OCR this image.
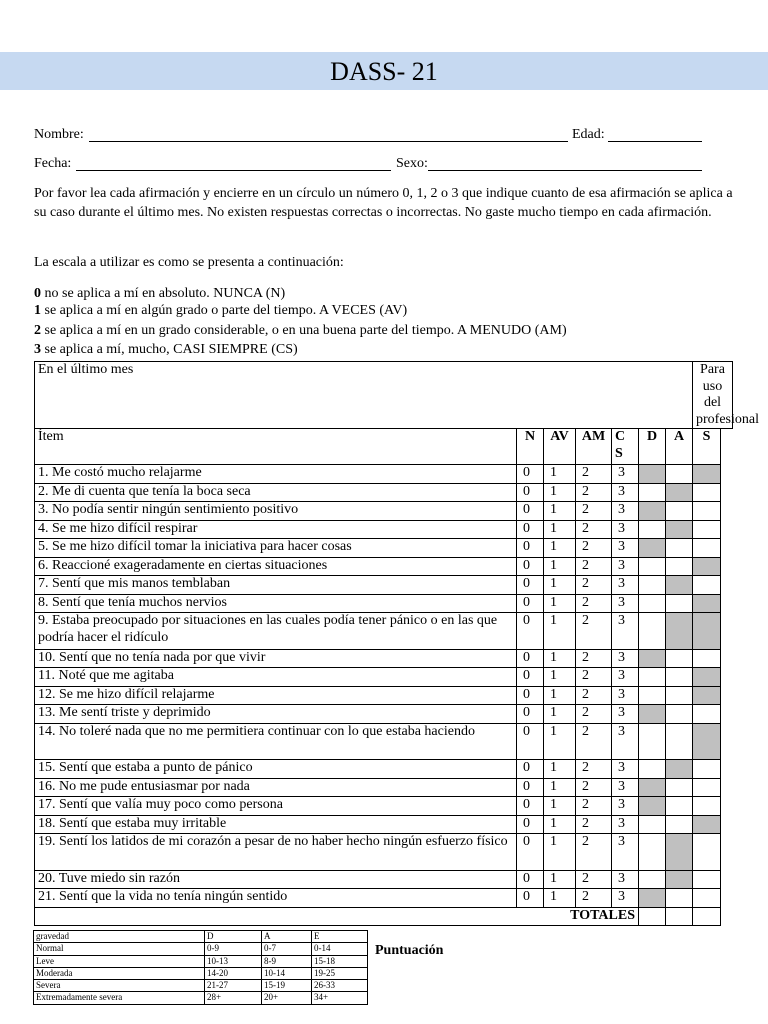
DASS- 21
Nombre:	Edad:
Fecha:	Sexo:
Por favor lea cada afirmación y encierre en un círculo un número 0, 1, 2 o 3 que indique cuanto de esa afirmación se aplica a su caso durante el último mes. No existen respuestas correctas o incorrectas. No gaste mucho tiempo en cada afirmación.
La escala a utilizar es como se presenta a continuación:
0 no se aplica a mí en absoluto. NUNCA (N)
1 se aplica a mí en algún grado o parte del tiempo. A VECES (AV)
2 se aplica a mí en un grado considerable, o en una buena parte del tiempo. A MENUDO (AM)
3 se aplica a mí, mucho, CASI SIEMPRE (CS)
En el último mes							Para uso del profesional
Ítem	N	AV	AM	C S	D	A	S
1. Me costó mucho relajarme	0	1	2	3			
2. Me di cuenta que tenía la boca seca	0	1	2	3			
3. No podía sentir ningún sentimiento positivo	0	1	2	3			
4. Se me hizo difícil respirar	0	1	2	3			
5. Se me hizo difícil tomar la iniciativa para hacer cosas	0	1	2	3			
6. Reaccioné exageradamente en ciertas situaciones	0	1	2	3			
7. Sentí que mis manos temblaban	0	1	2	3			
8. Sentí que tenía muchos nervios	0	1	2	3			
9. Estaba preocupado por situaciones en las cuales podía tener pánico o en las que podría hacer el ridículo	0	1	2	3			
10. Sentí que no tenía nada por que vivir	0	1	2	3			
11. Noté que me agitaba	0	1	2	3			
12. Se me hizo difícil relajarme	0	1	2	3			
13. Me sentí triste y deprimido	0	1	2	3			
14. No toleré nada que no me permitiera continuar con lo que estaba haciendo	0	1	2	3			
15. Sentí que estaba a punto de pánico	0	1	2	3			
16. No me pude entusiasmar por nada	0	1	2	3			
17. Sentí que valía muy poco como persona	0	1	2	3			
18. Sentí que estaba muy irritable	0	1	2	3			
19. Sentí los latidos de mi corazón a pesar de no haber hecho ningún esfuerzo físico	0	1	2	3			
20. Tuve miedo sin razón	0	1	2	3			
21. Sentí que la vida no tenía ningún sentido	0	1	2	3			
TOTALES							
gravedad	D	A	E
Normal	0-9	0-7	0-14
Leve	10-13	8-9	15-18
Moderada	14-20	10-14	19-25
Severa	21-27	15-19	26-33
Extremadamente severa	28+	20+	34+
Puntuación
